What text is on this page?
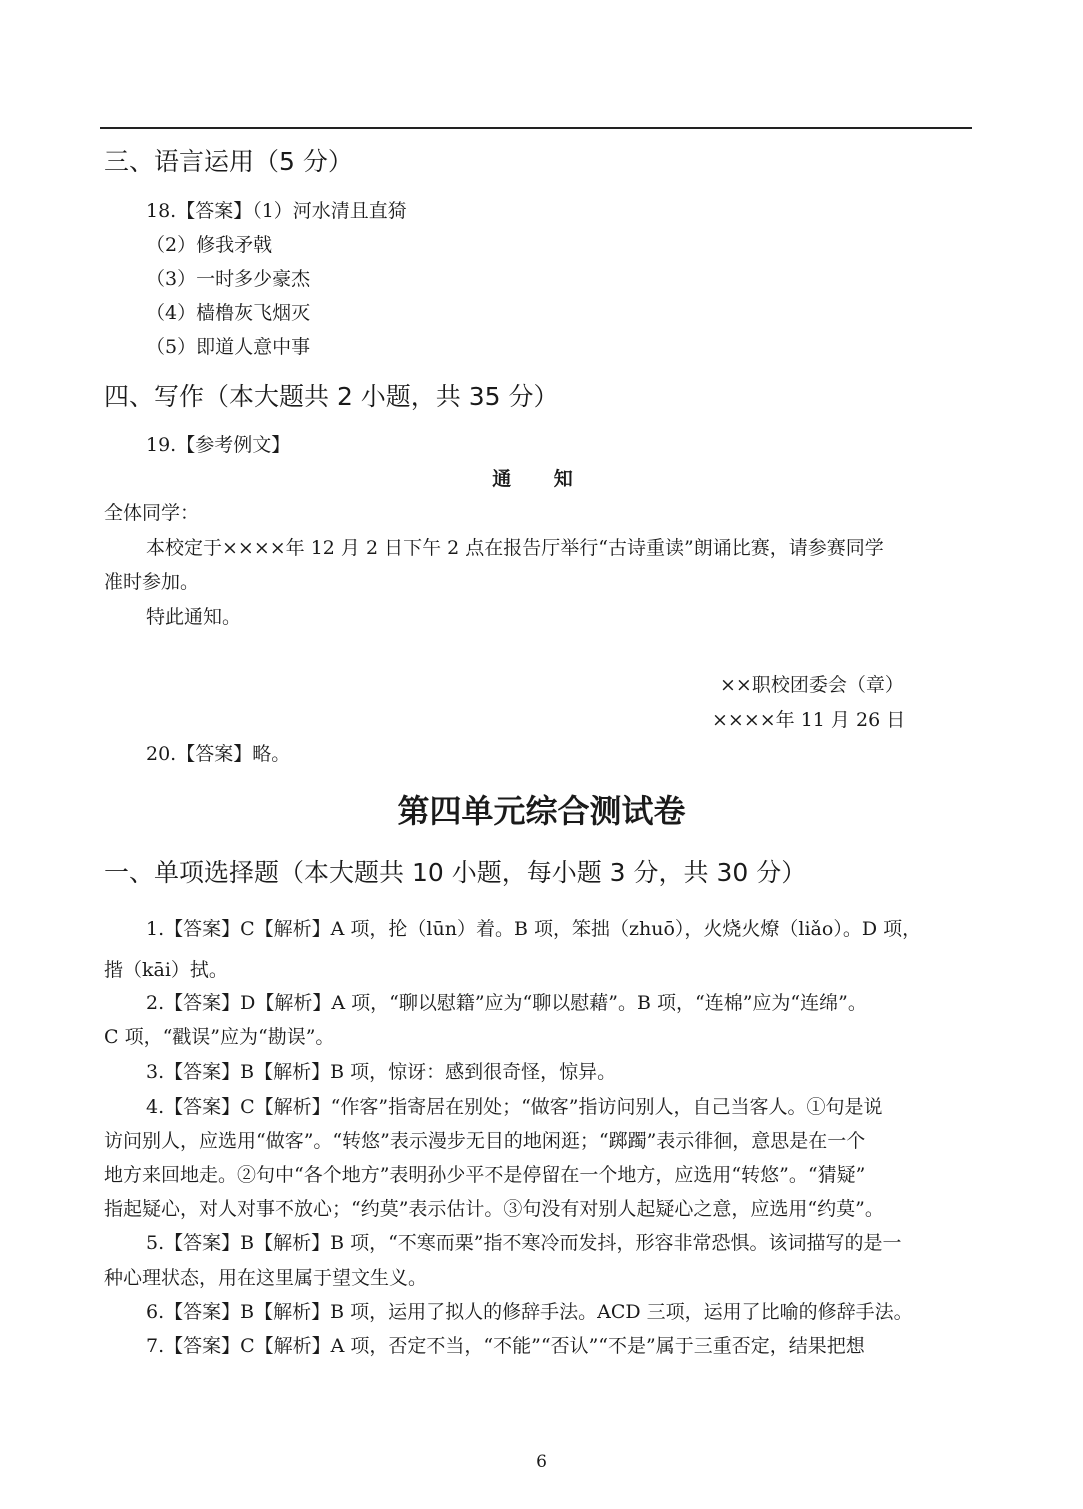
三、语言运用（5 分）
18.【答案】（1）河水清且直猗
（2）修我矛戟
（3）一时多少豪杰
（4）樯橹灰飞烟灭
（5）即道人意中事
四、写作（本大题共 2 小题，共 35 分）
19.【参考例文】
通 知
全体同学：
本校定于××××年 12 月 2 日下午 2 点在报告厅举行“古诗重读”朗诵比赛，请参赛同学
准时参加。
特此通知。
××职校团委会（章）
××××年 11 月 26 日
20.【答案】略。
第四单元综合测试卷
一、单项选择题（本大题共 10 小题，每小题 3 分，共 30 分）
1.【答案】C【解析】A 项，抡（lūn）着。B 项，笨拙（zhuō），火烧火燎（liǎo）。D 项，
揩（kāi）拭。
2.【答案】D【解析】A 项，“聊以慰籍”应为“聊以慰藉”。B 项，“连棉”应为“连绵”。
C 项，“戳误”应为“勘误”。
3.【答案】B【解析】B 项，惊讶：感到很奇怪，惊异。
4.【答案】C【解析】“作客”指寄居在别处；“做客”指访问别人，自己当客人。①句是说
访问别人，应选用“做客”。“转悠”表示漫步无目的地闲逛；“踯躅”表示徘徊，意思是在一个
地方来回地走。②句中“各个地方”表明孙少平不是停留在一个地方，应选用“转悠”。“猜疑”
指起疑心，对人对事不放心；“约莫”表示估计。③句没有对别人起疑心之意，应选用“约莫”。
5.【答案】B【解析】B 项，“不寒而栗”指不寒冷而发抖，形容非常恐惧。该词描写的是一
种心理状态，用在这里属于望文生义。
6.【答案】B【解析】B 项，运用了拟人的修辞手法。ACD 三项，运用了比喻的修辞手法。
7.【答案】C【解析】A 项，否定不当，“不能”“否认”“不是”属于三重否定，结果把想
6
